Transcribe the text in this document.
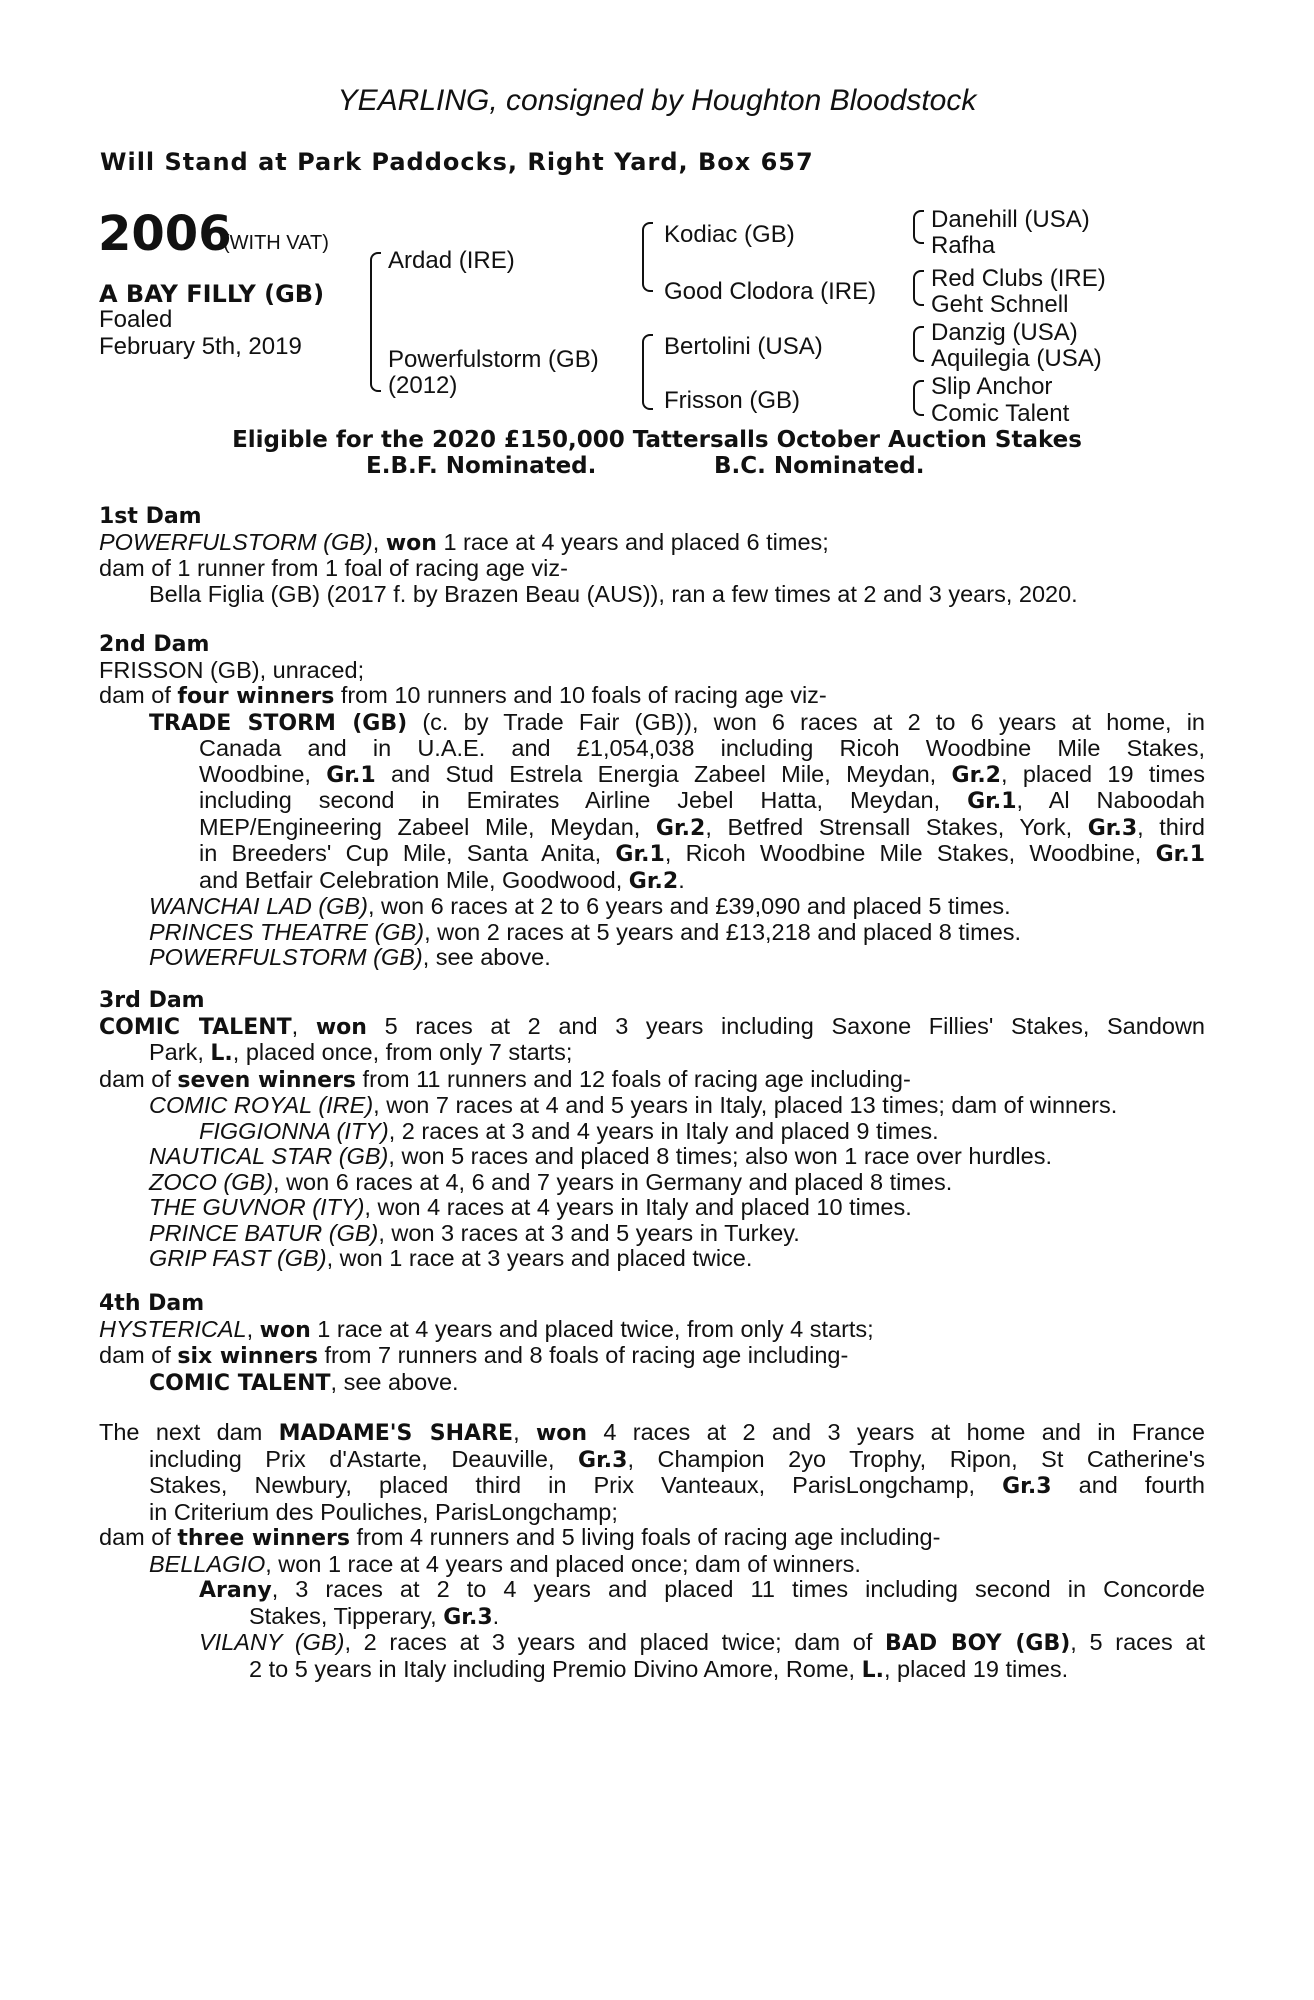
YEARLING, consigned by Houghton Bloodstock
Will Stand at Park Paddocks, Right Yard, Box 657
2006
(WITH VAT)
A BAY FILLY (GB)
Foaled
February 5th, 2019
Ardad (IRE)
Powerfulstorm (GB)
(2012)
Kodiac (GB)
Good Clodora (IRE)
Bertolini (USA)
Frisson (GB)
Danehill (USA)
Rafha
Red Clubs (IRE)
Geht Schnell
Danzig (USA)
Aquilegia (USA)
Slip Anchor
Comic Talent
Eligible for the 2020 £150,000 Tattersalls October Auction Stakes
E.B.F. Nominated.	B.C. Nominated.
1st Dam
POWERFULSTORM (GB), won 1 race at 4 years and placed 6 times;
dam of 1 runner from 1 foal of racing age viz-
Bella Figlia (GB) (2017 f. by Brazen Beau (AUS)), ran a few times at 2 and 3 years, 2020.
2nd Dam
FRISSON (GB), unraced;
dam of four winners from 10 runners and 10 foals of racing age viz-
TRADE STORM (GB) (c. by Trade Fair (GB)), won 6 races at 2 to 6 years at home, in
Canada and in U.A.E. and £1,054,038 including Ricoh Woodbine Mile Stakes,
Woodbine, Gr.1 and Stud Estrela Energia Zabeel Mile, Meydan, Gr.2, placed 19 times
including second in Emirates Airline Jebel Hatta, Meydan, Gr.1, Al Naboodah
MEP/Engineering Zabeel Mile, Meydan, Gr.2, Betfred Strensall Stakes, York, Gr.3, third
in Breeders' Cup Mile, Santa Anita, Gr.1, Ricoh Woodbine Mile Stakes, Woodbine, Gr.1
and Betfair Celebration Mile, Goodwood, Gr.2.
WANCHAI LAD (GB), won 6 races at 2 to 6 years and £39,090 and placed 5 times.
PRINCES THEATRE (GB), won 2 races at 5 years and £13,218 and placed 8 times.
POWERFULSTORM (GB), see above.
3rd Dam
COMIC TALENT, won 5 races at 2 and 3 years including Saxone Fillies' Stakes, Sandown
Park, L., placed once, from only 7 starts;
dam of seven winners from 11 runners and 12 foals of racing age including-
COMIC ROYAL (IRE), won 7 races at 4 and 5 years in Italy, placed 13 times; dam of winners.
FIGGIONNA (ITY), 2 races at 3 and 4 years in Italy and placed 9 times.
NAUTICAL STAR (GB), won 5 races and placed 8 times; also won 1 race over hurdles.
ZOCO (GB), won 6 races at 4, 6 and 7 years in Germany and placed 8 times.
THE GUVNOR (ITY), won 4 races at 4 years in Italy and placed 10 times.
PRINCE BATUR (GB), won 3 races at 3 and 5 years in Turkey.
GRIP FAST (GB), won 1 race at 3 years and placed twice.
4th Dam
HYSTERICAL, won 1 race at 4 years and placed twice, from only 4 starts;
dam of six winners from 7 runners and 8 foals of racing age including-
COMIC TALENT, see above.
The next dam MADAME'S SHARE, won 4 races at 2 and 3 years at home and in France
including Prix d'Astarte, Deauville, Gr.3, Champion 2yo Trophy, Ripon, St Catherine's
Stakes, Newbury, placed third in Prix Vanteaux, ParisLongchamp, Gr.3 and fourth
in Criterium des Pouliches, ParisLongchamp;
dam of three winners from 4 runners and 5 living foals of racing age including-
BELLAGIO, won 1 race at 4 years and placed once; dam of winners.
Arany, 3 races at 2 to 4 years and placed 11 times including second in Concorde
Stakes, Tipperary, Gr.3.
VILANY (GB), 2 races at 3 years and placed twice; dam of BAD BOY (GB), 5 races at
2 to 5 years in Italy including Premio Divino Amore, Rome, L., placed 19 times.
